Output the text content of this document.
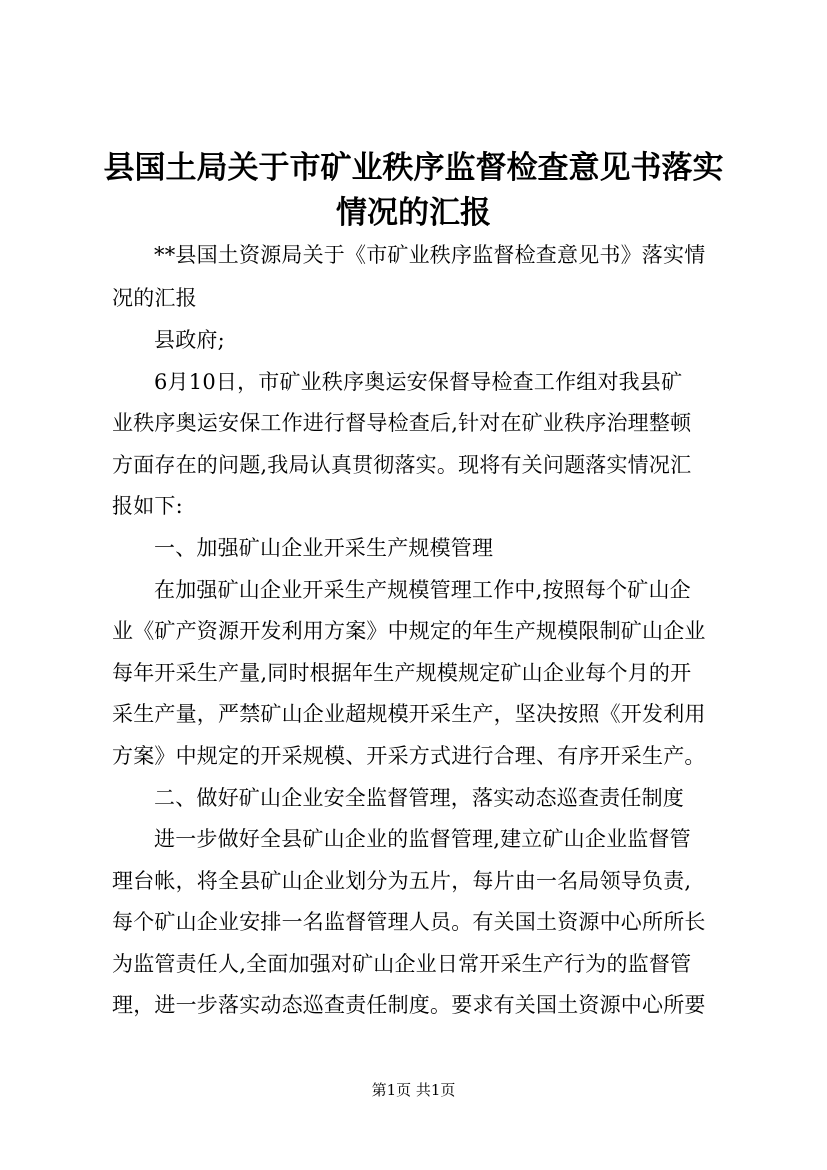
县国土局关于市矿业秩序监督检查意见书落实
情况的汇报
**县国土资源局关于《市矿业秩序监督检查意见书》落实情
况的汇报
县政府;
6月10日，市矿业秩序奥运安保督导检查工作组对我县矿
业秩序奥运安保工作进行督导检查后,针对在矿业秩序治理整顿
方面存在的问题,我局认真贯彻落实。现将有关问题落实情况汇
报如下:
一、加强矿山企业开采生产规模管理
在加强矿山企业开采生产规模管理工作中,按照每个矿山企
业《矿产资源开发利用方案》中规定的年生产规模限制矿山企业
每年开采生产量,同时根据年生产规模规定矿山企业每个月的开
采生产量，严禁矿山企业超规模开采生产，坚决按照《开发利用
方案》中规定的开采规模、开采方式进行合理、有序开采生产。
二、做好矿山企业安全监督管理，落实动态巡查责任制度
进一步做好全县矿山企业的监督管理,建立矿山企业监督管
理台帐，将全县矿山企业划分为五片，每片由一名局领导负责,
每个矿山企业安排一名监督管理人员。有关国土资源中心所所长
为监管责任人,全面加强对矿山企业日常开采生产行为的监督管
理，进一步落实动态巡查责任制度。要求有关国土资源中心所要
第1页 共1页
